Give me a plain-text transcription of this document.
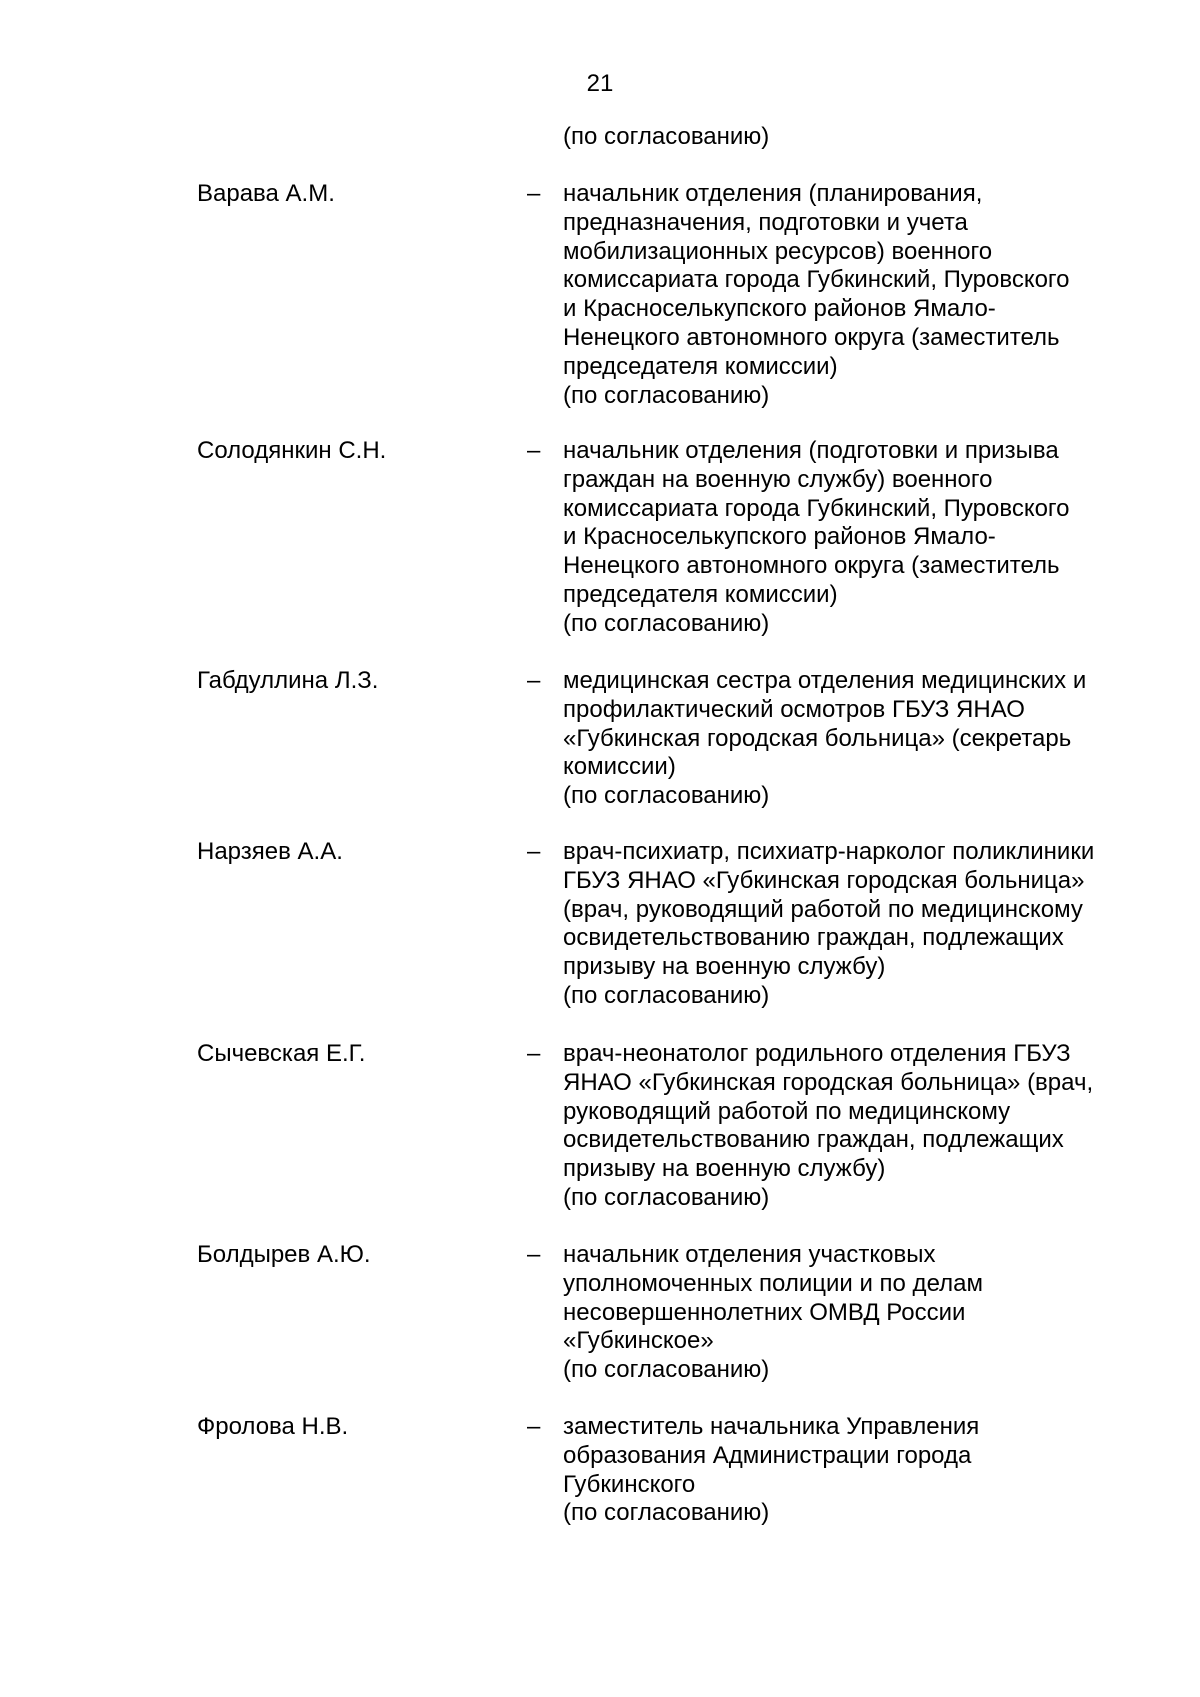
21
(по согласованию)
Варава А.М.	– начальник отделения (планирования,
предназначения, подготовки и учета
мобилизационных ресурсов) военного
комиссариата города Губкинский, Пуровского
и Красноселькупского районов Ямало-
Ненецкого автономного округа (заместитель
председателя комиссии)
(по согласованию)
Солодянкин С.Н.	– начальник отделения (подготовки и призыва
граждан на военную службу) военного
комиссариата города Губкинский, Пуровского
и Красноселькупского районов Ямало-
Ненецкого автономного округа (заместитель
председателя комиссии)
(по согласованию)
Габдуллина Л.З.	– медицинская сестра отделения медицинских и
профилактический осмотров ГБУЗ ЯНАО
«Губкинская городская больница» (секретарь
комиссии)
(по согласованию)
Нарзяев А.А.	– врач-психиатр, психиатр-нарколог поликлиники
ГБУЗ ЯНАО «Губкинская городская больница»
(врач, руководящий работой по медицинскому
освидетельствованию граждан, подлежащих
призыву на военную службу)
(по согласованию)
Сычевская Е.Г.	– врач-неонатолог родильного отделения ГБУЗ
ЯНАО «Губкинская городская больница» (врач,
руководящий работой по медицинскому
освидетельствованию граждан, подлежащих
призыву на военную службу)
(по согласованию)
Болдырев А.Ю.	– начальник отделения участковых
уполномоченных полиции и по делам
несовершеннолетних ОМВД России
«Губкинское»
(по согласованию)
Фролова Н.В.	– заместитель начальника Управления
образования Администрации города
Губкинского
(по согласованию)
